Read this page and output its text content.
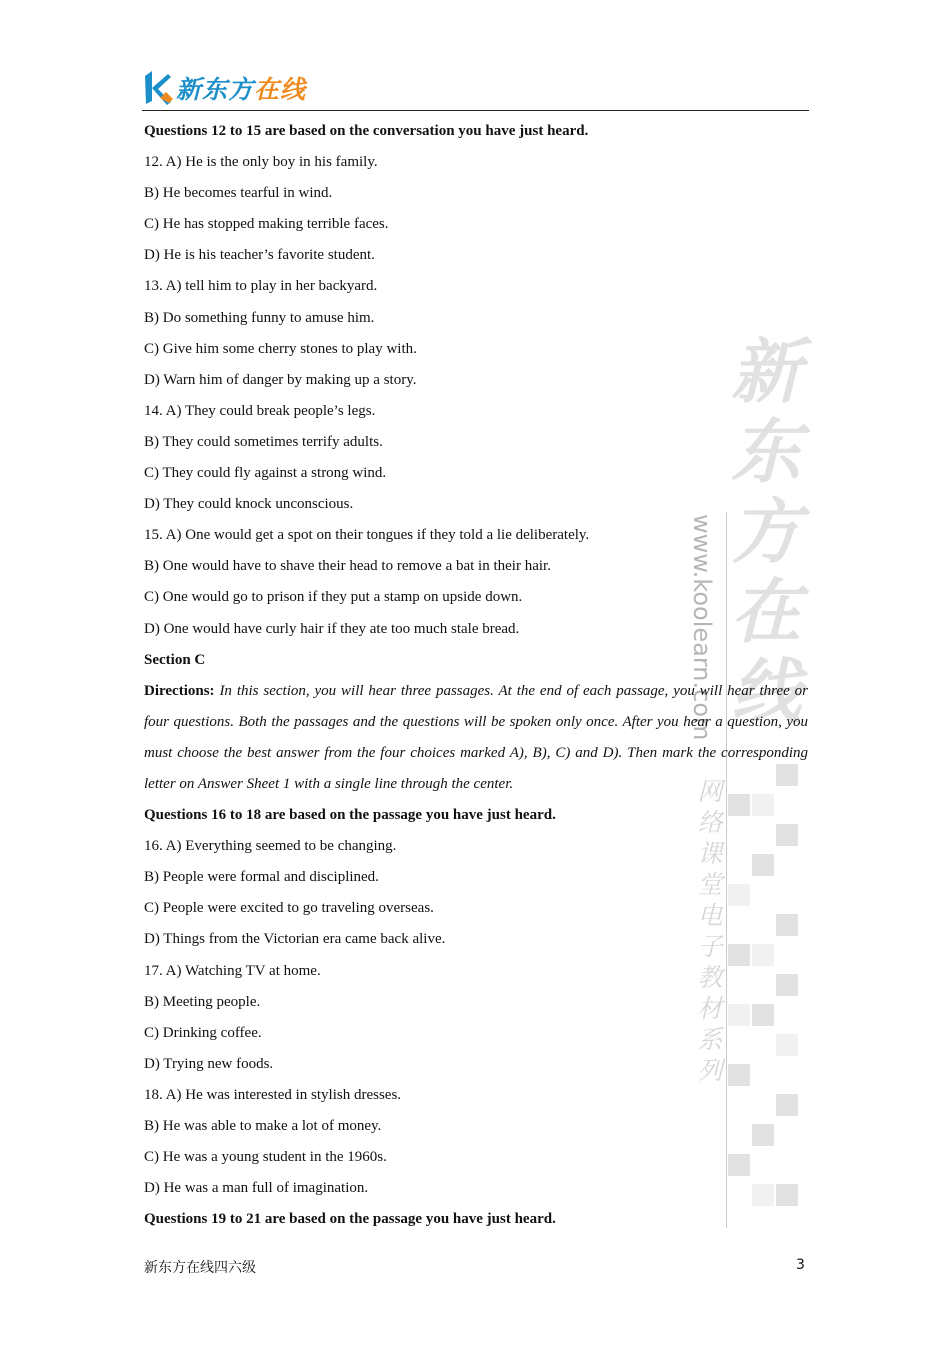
新东方在线
新东方在线
www.koolearn.com
网络课堂电子教材系列
Questions 12 to 15 are based on the conversation you have just heard.
12. A) He is the only boy in his family.
B) He becomes tearful in wind.
C) He has stopped making terrible faces.
D) He is his teacher’s favorite student.
13. A) tell him to play in her backyard.
B) Do something funny to amuse him.
C) Give him some cherry stones to play with.
D) Warn him of danger by making up a story.
14. A) They could break people’s legs.
B) They could sometimes terrify adults.
C) They could fly against a strong wind.
D) They could knock unconscious.
15. A) One would get a spot on their tongues if they told a lie deliberately.
B) One would have to shave their head to remove a bat in their hair.
C) One would go to prison if they put a stamp on upside down.
D) One would have curly hair if they ate too much stale bread.
Section C
Directions: In this section, you will hear three passages. At the end of each passage, you will hear three or four questions. Both the passages and the questions will be spoken only once. After you hear a question, you must choose the best answer from the four choices marked A), B), C) and D). Then mark the corresponding letter on Answer Sheet 1 with a single line through the center.
Questions 16 to 18 are based on the passage you have just heard.
16. A) Everything seemed to be changing.
B) People were formal and disciplined.
C) People were excited to go traveling overseas.
D) Things from the Victorian era came back alive.
17. A) Watching TV at home.
B) Meeting people.
C) Drinking coffee.
D) Trying new foods.
18. A) He was interested in stylish dresses.
B) He was able to make a lot of money.
C) He was a young student in the 1960s.
D) He was a man full of imagination.
Questions 19 to 21 are based on the passage you have just heard.
新东方在线四六级	3
